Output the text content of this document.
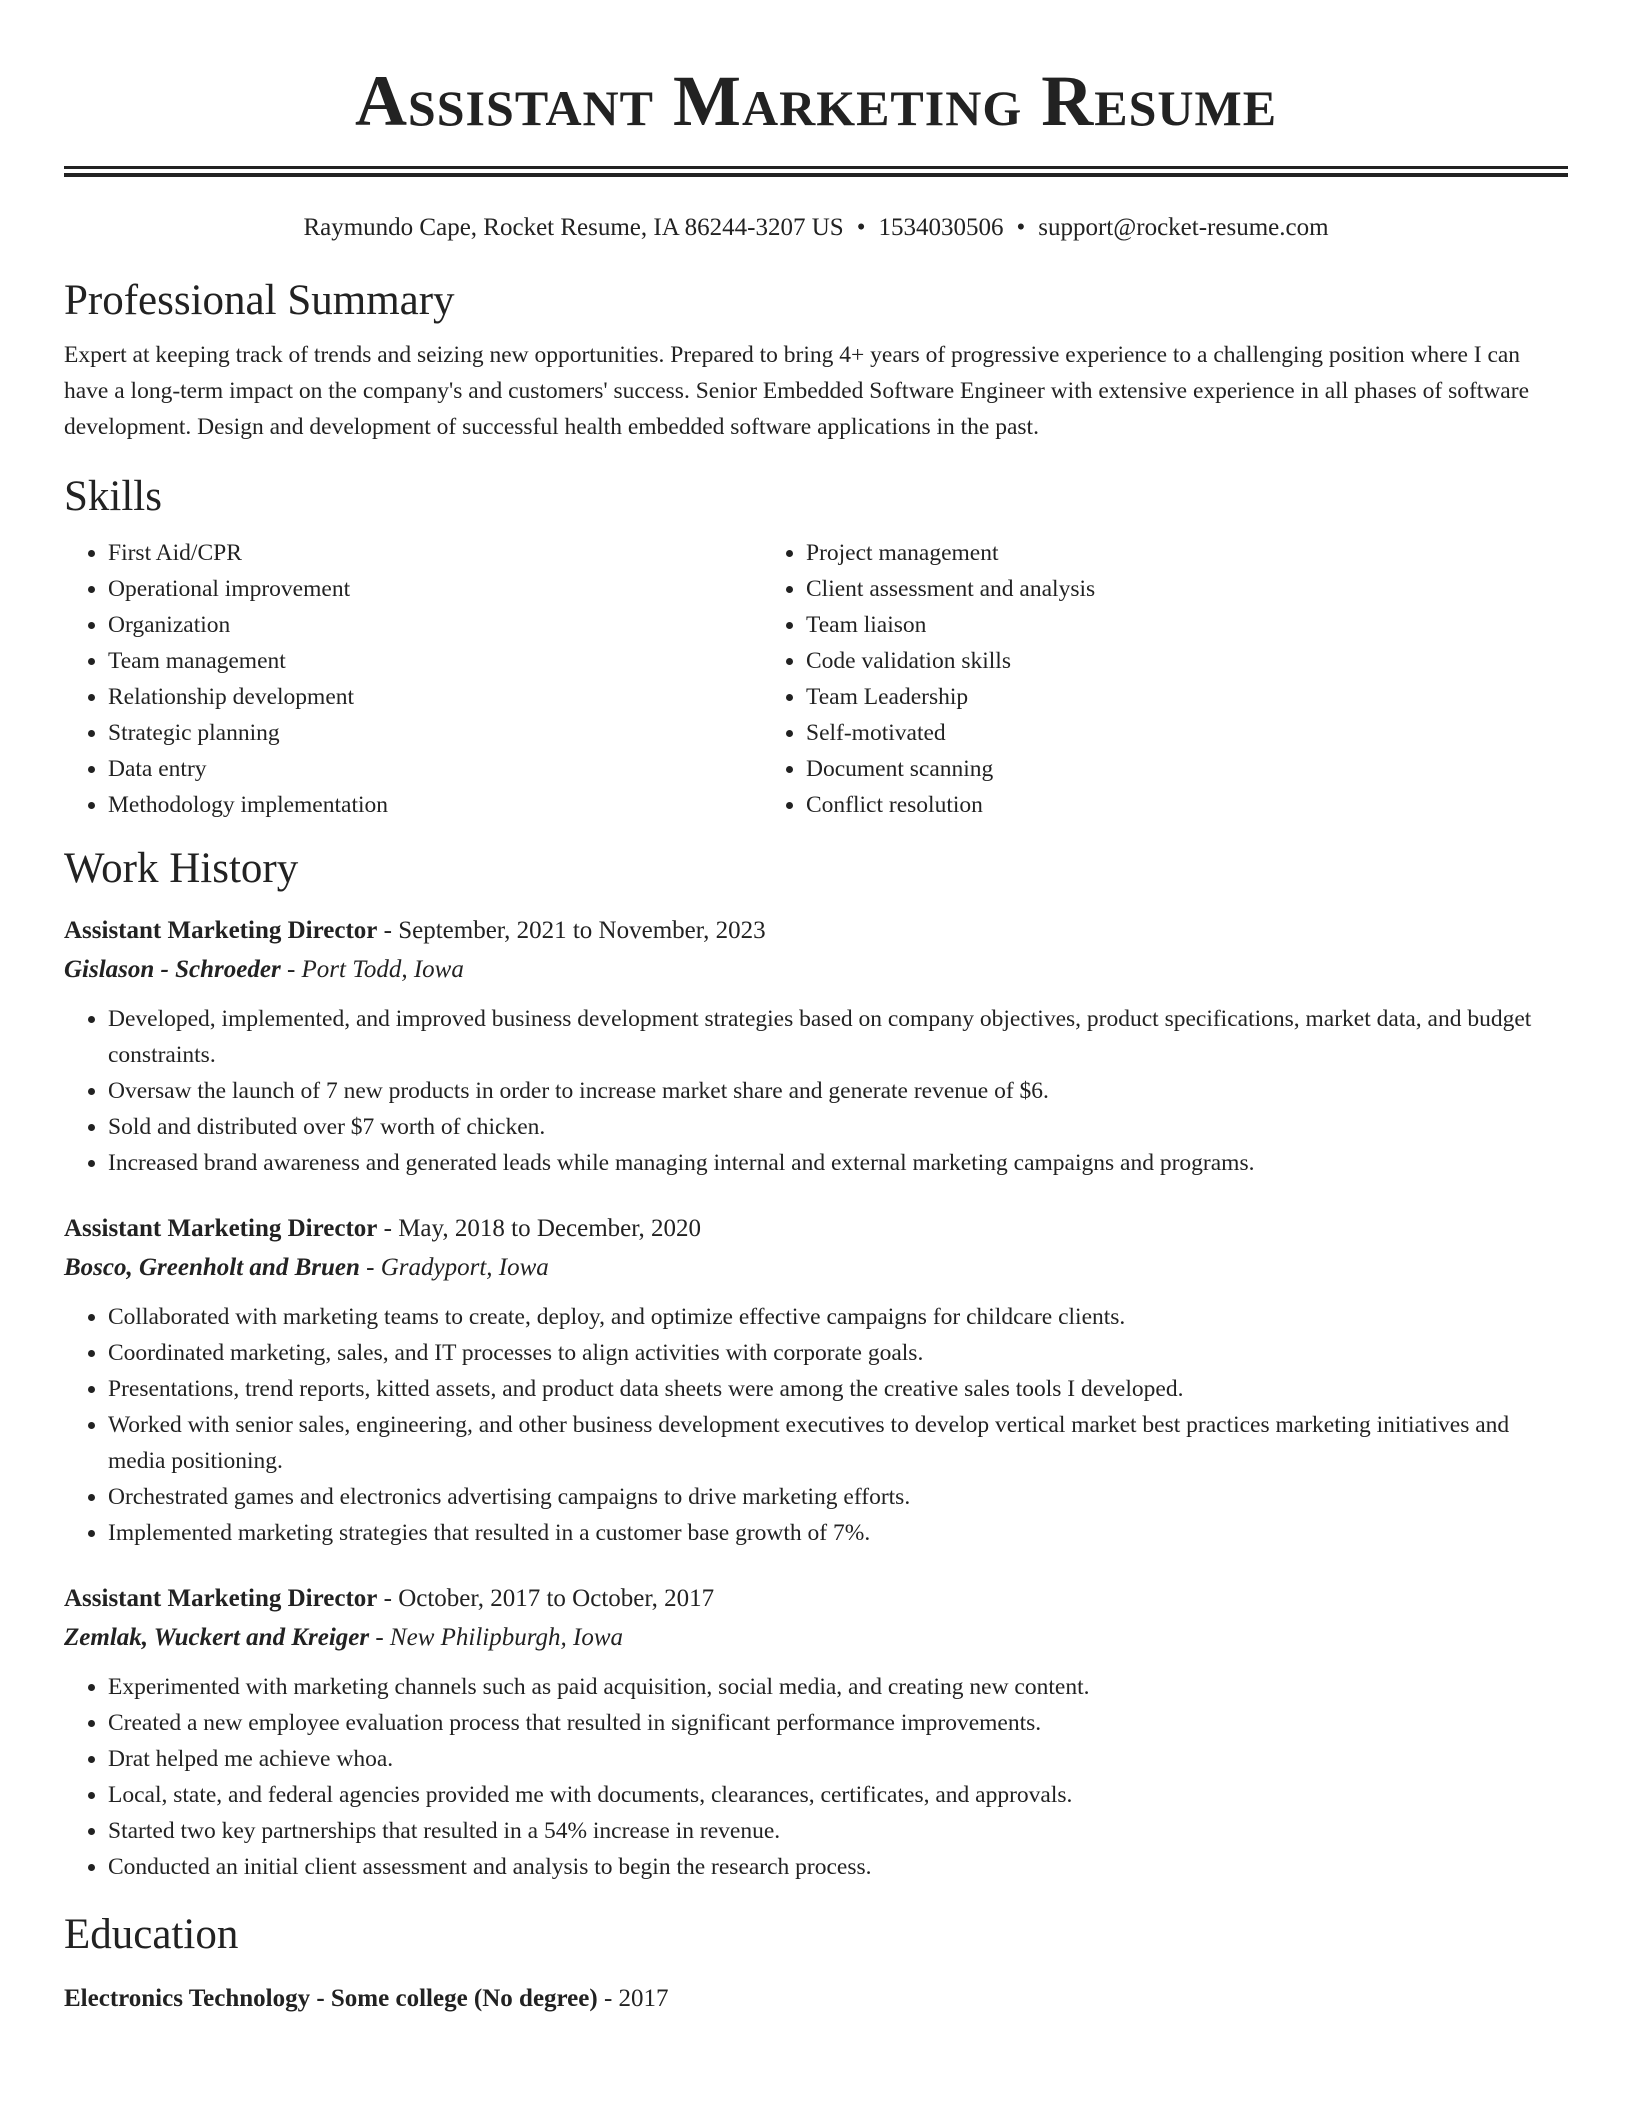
Assistant Marketing Resume
Raymundo Cape, Rocket Resume, IA 86244-3207 US • 1534030506 • support@rocket-resume.com
Professional Summary

Expert at keeping track of trends and seizing new opportunities. Prepared to bring 4+ years of progressive experience to a challenging position where I can have a long-term impact on the company's and customers' success. Senior Embedded Software Engineer with extensive experience in all phases of software development. Design and development of successful health embedded software applications in the past.

Skills
• First Aid/CPR
• Operational improvement
• Organization
• Team management
• Relationship development
• Strategic planning
• Data entry
• Methodology implementation
• Project management
• Client assessment and analysis
• Team liaison
• Code validation skills
• Team Leadership
• Self-motivated
• Document scanning
• Conflict resolution
Work History
Assistant Marketing Director - September, 2021 to November, 2023
Gislason - Schroeder - Port Todd, Iowa
• Developed, implemented, and improved business development strategies based on company objectives, product specifications, market data, and budget constraints.
• Oversaw the launch of 7 new products in order to increase market share and generate revenue of $6.
• Sold and distributed over $7 worth of chicken.
• Increased brand awareness and generated leads while managing internal and external marketing campaigns and programs.
Assistant Marketing Director - May, 2018 to December, 2020
Bosco, Greenholt and Bruen - Gradyport, Iowa
• Collaborated with marketing teams to create, deploy, and optimize effective campaigns for childcare clients.
• Coordinated marketing, sales, and IT processes to align activities with corporate goals.
• Presentations, trend reports, kitted assets, and product data sheets were among the creative sales tools I developed.
• Worked with senior sales, engineering, and other business development executives to develop vertical market best practices marketing initiatives and media positioning.
• Orchestrated games and electronics advertising campaigns to drive marketing efforts.
• Implemented marketing strategies that resulted in a customer base growth of 7%.
Assistant Marketing Director - October, 2017 to October, 2017
Zemlak, Wuckert and Kreiger - New Philipburgh, Iowa
• Experimented with marketing channels such as paid acquisition, social media, and creating new content.
• Created a new employee evaluation process that resulted in significant performance improvements.
• Drat helped me achieve whoa.
• Local, state, and federal agencies provided me with documents, clearances, certificates, and approvals.
• Started two key partnerships that resulted in a 54% increase in revenue.
• Conducted an initial client assessment and analysis to begin the research process.
Education
Electronics Technology - Some college (No degree) - 2017
